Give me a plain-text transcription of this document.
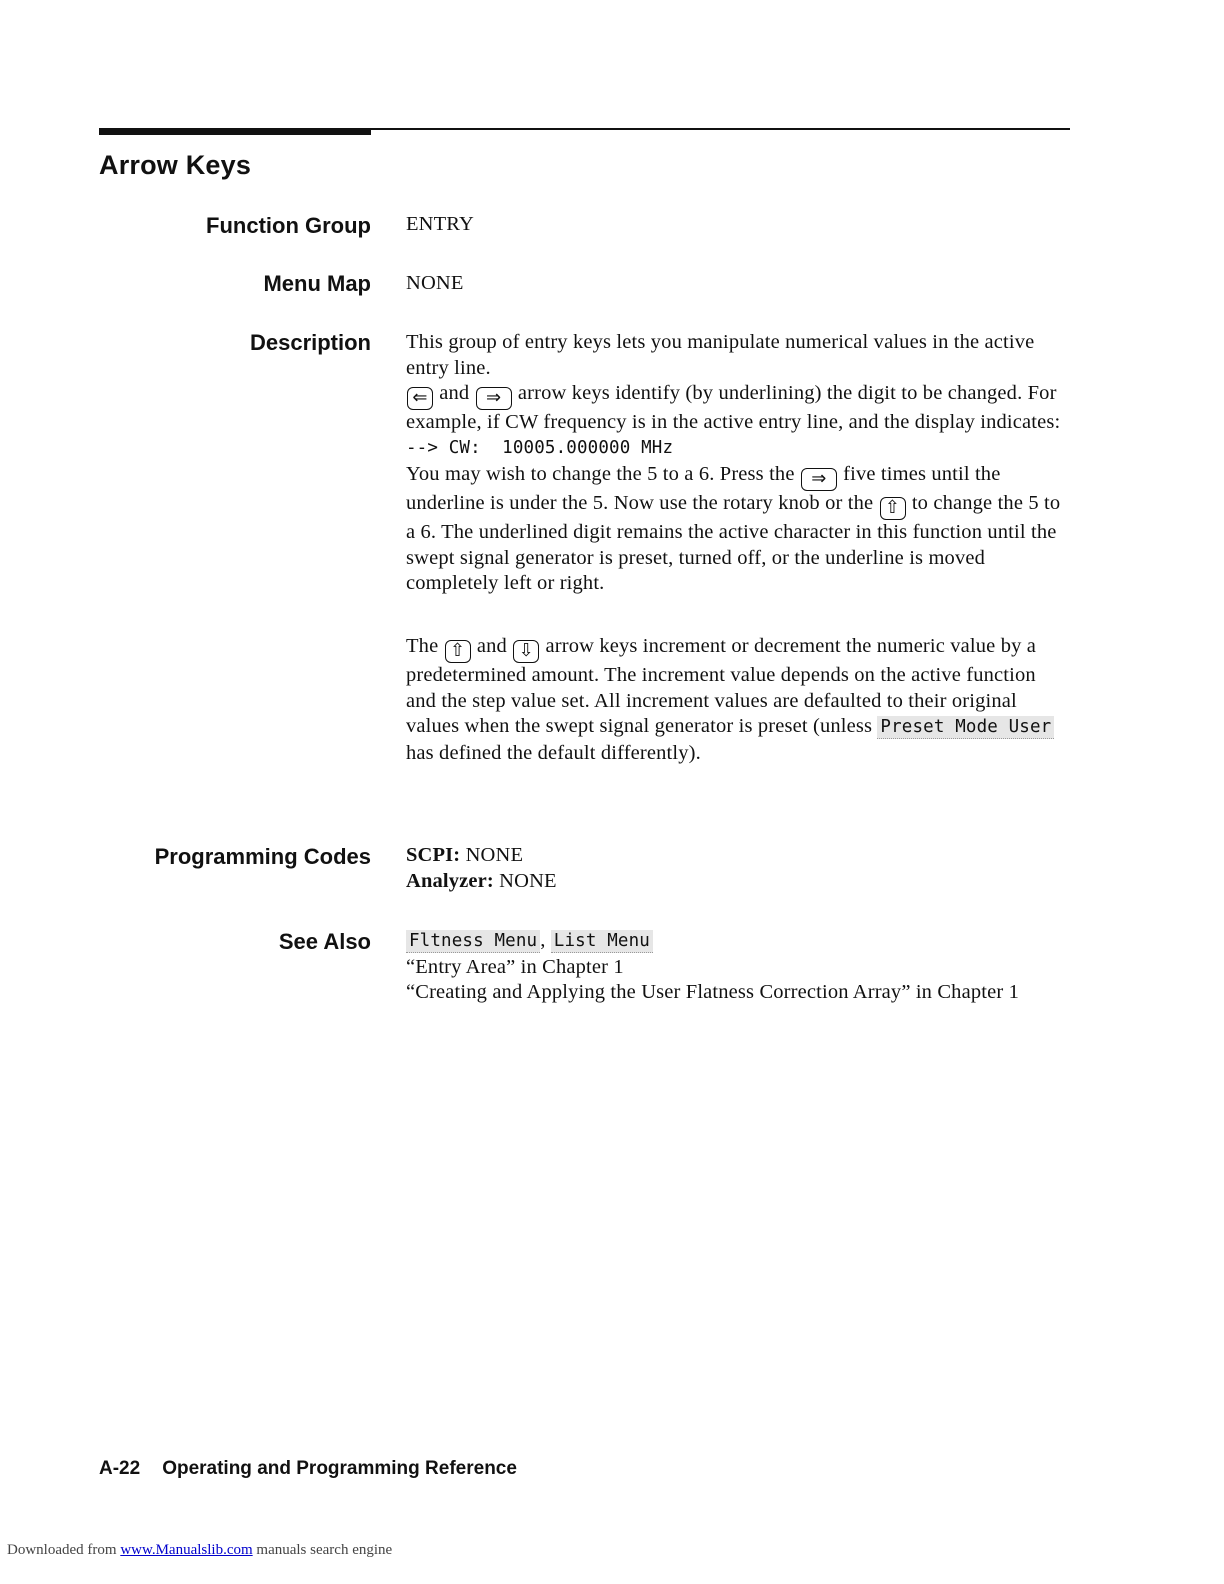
Arrow Keys
Function Group ENTRY
Menu Map NONE
Description This group of entry keys lets you manipulate numerical values in the active entry line.

⇐ and ⇒ arrow keys identify (by underlining) the digit to be changed. For example, if CW frequency is in the active entry line, and the display indicates:

--> CW:  10005.000000 MHz

You may wish to change the 5 to a 6. Press the ⇒ five times until the underline is under the 5. Now use the rotary knob or the ⇧ to change the 5 to a 6. The underlined digit remains the active character in this function until the swept signal generator is preset, turned off, or the underline is moved completely left or right.

The ⇧ and ⇩ arrow keys increment or decrement the numeric value by a predetermined amount. The increment value depends on the active function and the step value set. All increment values are defaulted to their original values when the swept signal generator is preset (unless Preset Mode User has defined the default differently).

Programming Codes SCPI: NONE

Analyzer: NONE

See Also Fltness Menu , List Menu

“Entry Area” in Chapter 1

“Creating and Applying the User Flatness Correction Array” in Chapter 1

A-22 Operating and Programming Reference
Downloaded from www.Manualslib.com manuals search engine
